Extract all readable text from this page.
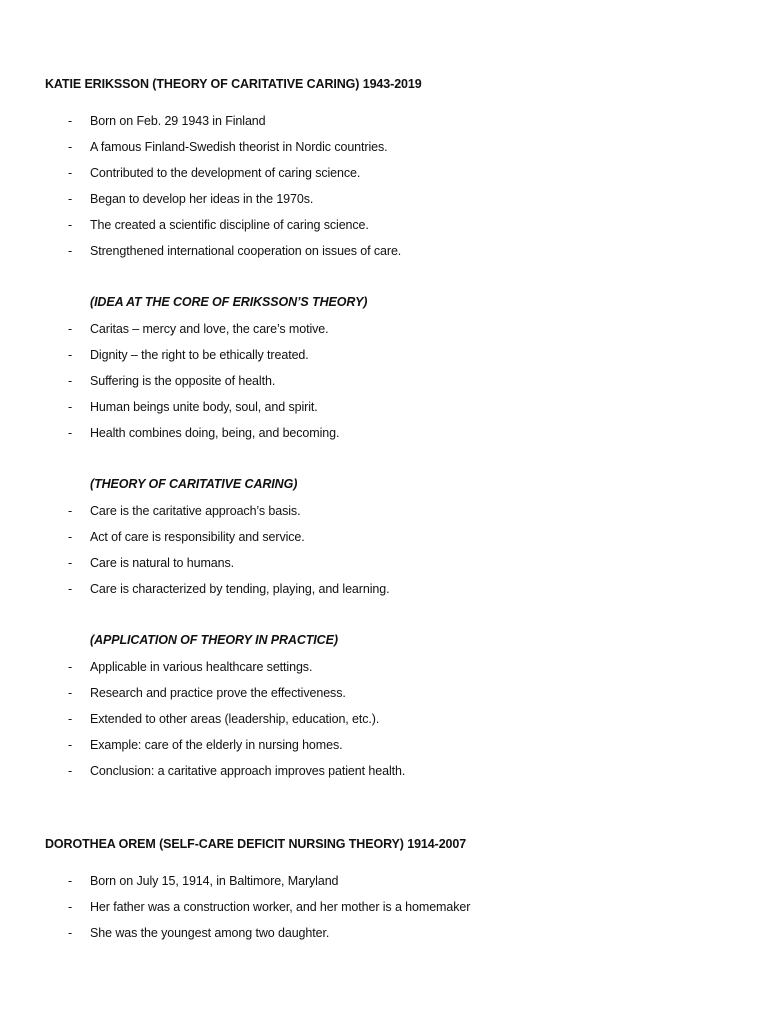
KATIE ERIKSSON (THEORY OF CARITATIVE CARING) 1943-2019
- Born on Feb. 29 1943 in Finland
- A famous Finland-Swedish theorist in Nordic countries.
- Contributed to the development of caring science.
- Began to develop her ideas in the 1970s.
- The created a scientific discipline of caring science.
- Strengthened international cooperation on issues of care.
(IDEA AT THE CORE OF ERIKSSON’S THEORY)
- Caritas – mercy and love, the care’s motive.
- Dignity – the right to be ethically treated.
- Suffering is the opposite of health.
- Human beings unite body, soul, and spirit.
- Health combines doing, being, and becoming.
(THEORY OF CARITATIVE CARING)
- Care is the caritative approach’s basis.
- Act of care is responsibility and service.
- Care is natural to humans.
- Care is characterized by tending, playing, and learning.
(APPLICATION OF THEORY IN PRACTICE)
- Applicable in various healthcare settings.
- Research and practice prove the effectiveness.
- Extended to other areas (leadership, education, etc.).
- Example: care of the elderly in nursing homes.
- Conclusion: a caritative approach improves patient health.
DOROTHEA OREM (SELF-CARE DEFICIT NURSING THEORY) 1914-2007
- Born on July 15, 1914, in Baltimore, Maryland
- Her father was a construction worker, and her mother is a homemaker
- She was the youngest among two daughter.
